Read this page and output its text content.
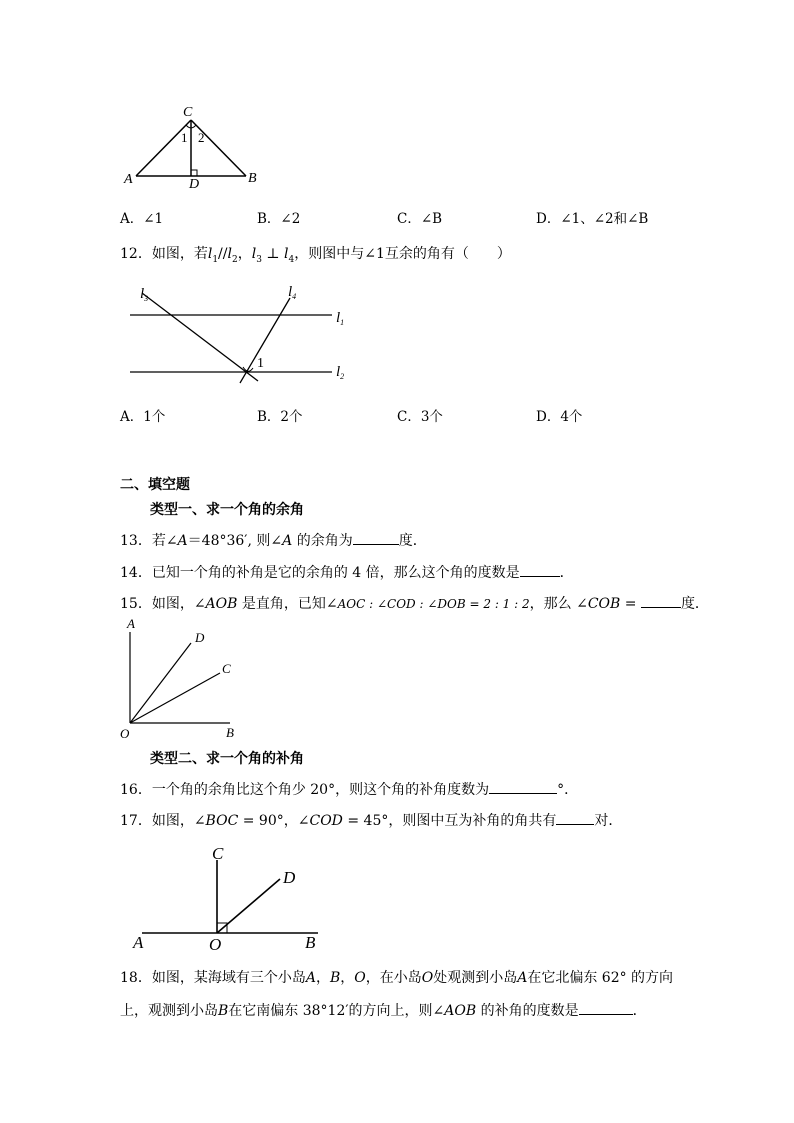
C
1 2
A	D	B
A．∠1	B．∠2	C．∠B	D．∠1、∠2和∠B
12．如图，若$l_1//l_2$，$l_3$ ⊥ $l_4$，则图中与∠1互余的角有（　　）
$l_3$	$l_4$
$l_1$
$l_2$
1
A．1个	B．2个	C．3个	D．4个
二、填空题
类型一、求一个角的余角
13．若∠A＝48°36′, 则∠A 的余角为	度．
14．已知一个角的补角是它的余角的 4 倍，那么这个角的度数是	．
15．如图，∠AOB 是直角，已知∠AOC : ∠COD : ∠DOB = 2 : 1 : 2，那么 ∠COB =	度．
A
D
C
O	B
类型二、求一个角的补角
16．一个角的余角比这个角少 20°，则这个角的补角度数为	°．
17．如图，∠BOC = 90°，∠COD = 45°，则图中互为补角的角共有	对．
C
D
A	O	B
18．如图，某海域有三个小岛A，B，O，在小岛O处观测到小岛A在它北偏东 62° 的方向
上，观测到小岛B在它南偏东 38°12′的方向上，则∠AOB 的补角的度数是	．
